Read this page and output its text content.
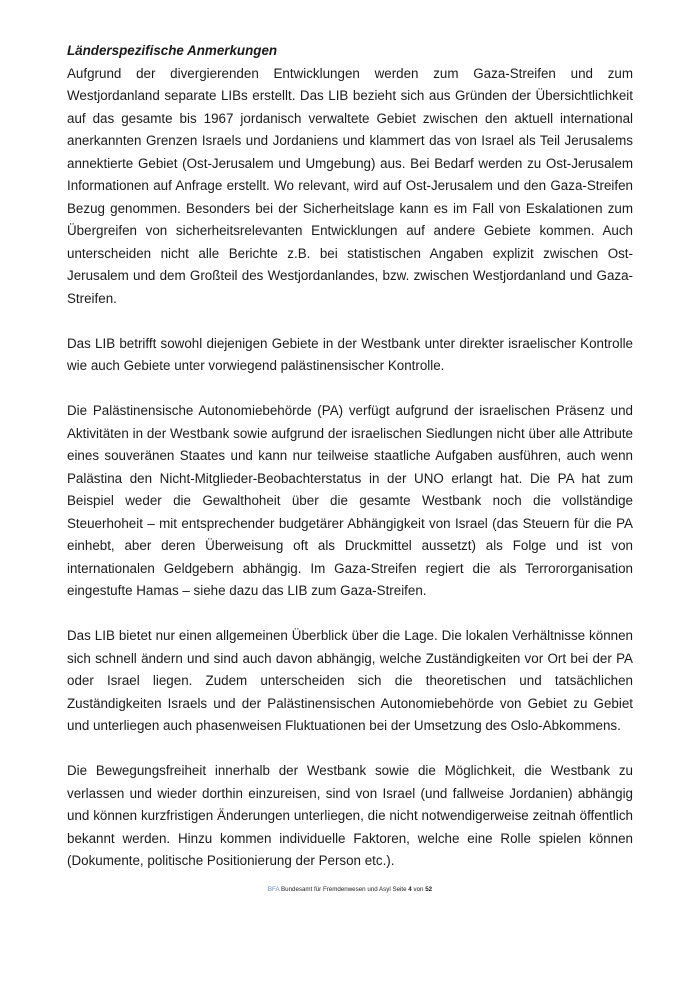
Länderspezifische Anmerkungen

Aufgrund der divergierenden Entwicklungen werden zum Gaza-Streifen und zum Westjordanland separate LIBs erstellt. Das LIB bezieht sich aus Gründen der Übersichtlichkeit auf das gesamte bis 1967 jordanisch verwaltete Gebiet zwischen den aktuell international anerkannten Grenzen Israels und Jordaniens und klammert das von Israel als Teil Jerusalems annektierte Gebiet (Ost-Jerusalem und Umgebung) aus. Bei Bedarf werden zu Ost-Jerusalem Informationen auf Anfrage erstellt. Wo relevant, wird auf Ost-Jerusalem und den Gaza-Streifen Bezug genommen. Besonders bei der Sicherheitslage kann es im Fall von Eskalationen zum Übergreifen von sicherheitsrelevanten Entwicklungen auf andere Gebiete kommen. Auch unterscheiden nicht alle Berichte z.B. bei statistischen Angaben explizit zwischen Ost-Jerusalem und dem Großteil des Westjordanlandes, bzw. zwischen Westjordanland und Gaza-Streifen.

Das LIB betrifft sowohl diejenigen Gebiete in der Westbank unter direkter israelischer Kontrolle wie auch Gebiete unter vorwiegend palästinensischer Kontrolle.

Die Palästinensische Autonomiebehörde (PA) verfügt aufgrund der israelischen Präsenz und Aktivitäten in der Westbank sowie aufgrund der israelischen Siedlungen nicht über alle Attribute eines souveränen Staates und kann nur teilweise staatliche Aufgaben ausführen, auch wenn Palästina den Nicht-Mitglieder-Beobachterstatus in der UNO erlangt hat. Die PA hat zum Beispiel weder die Gewalthoheit über die gesamte Westbank noch die vollständige Steuerhoheit – mit entsprechender budgetärer Abhängigkeit von Israel (das Steuern für die PA einhebt, aber deren Überweisung oft als Druckmittel aussetzt) als Folge und ist von internationalen Geldgebern abhängig. Im Gaza-Streifen regiert die als Terrororganisation eingestufte Hamas – siehe dazu das LIB zum Gaza-Streifen.

Das LIB bietet nur einen allgemeinen Überblick über die Lage. Die lokalen Verhältnisse können sich schnell ändern und sind auch davon abhängig, welche Zuständigkeiten vor Ort bei der PA oder Israel liegen. Zudem unterscheiden sich die theoretischen und tatsächlichen Zuständigkeiten Israels und der Palästinensischen Autonomiebehörde von Gebiet zu Gebiet und unterliegen auch phasenweisen Fluktuationen bei der Umsetzung des Oslo-Abkommens.

Die Bewegungsfreiheit innerhalb der Westbank sowie die Möglichkeit, die Westbank zu verlassen und wieder dorthin einzureisen, sind von Israel (und fallweise Jordanien) abhängig und können kurzfristigen Änderungen unterliegen, die nicht notwendigerweise zeitnah öffentlich bekannt werden. Hinzu kommen individuelle Faktoren, welche eine Rolle spielen können (Dokumente, politische Positionierung der Person etc.).

BFA Bundesamt für Fremdenwesen und Asyl Seite 4 von 52
